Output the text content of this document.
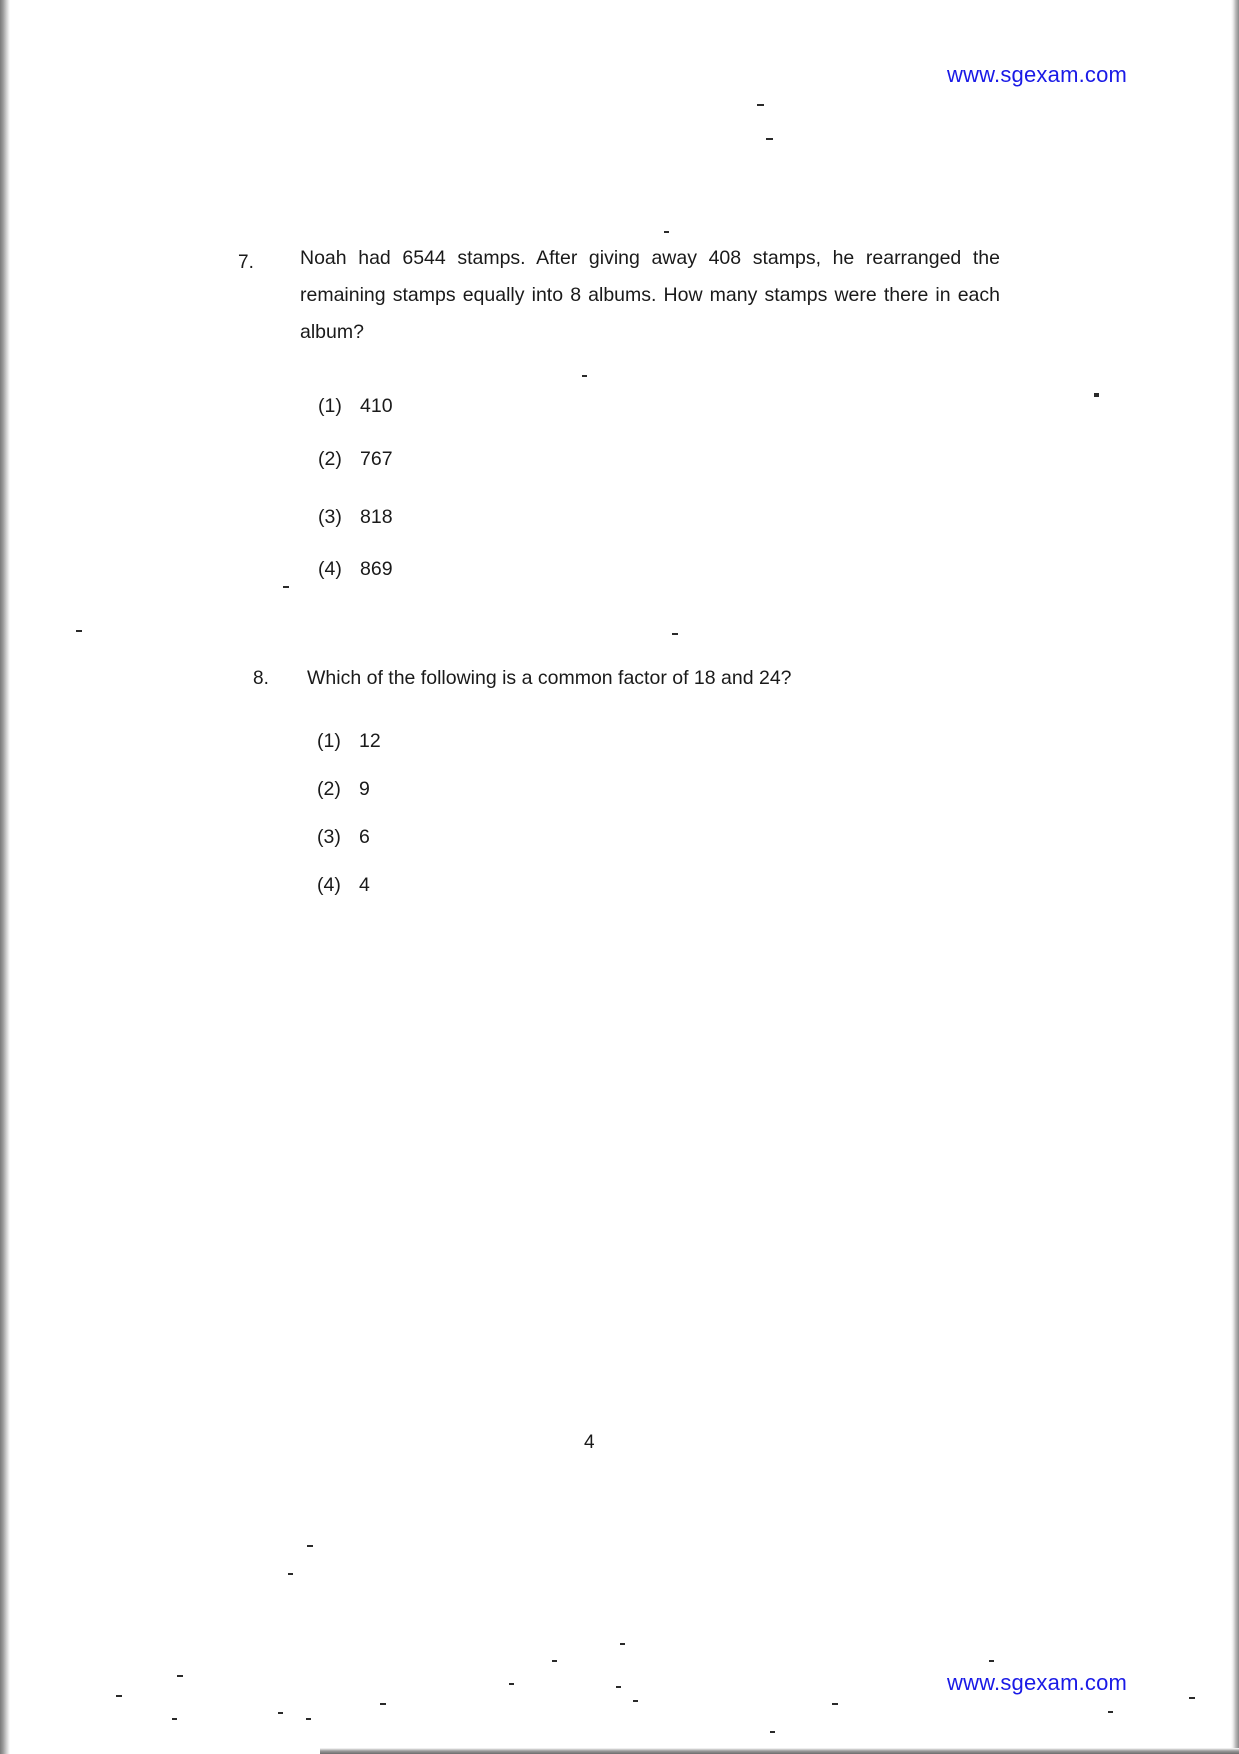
www.sgexam.com
7. Noah had 6544 stamps. After giving away 408 stamps, he rearranged the remaining stamps equally into 8 albums. How many stamps were there in each album?
(1) 410
(2) 767
(3) 818
(4) 869
8. Which of the following is a common factor of 18 and 24?
(1) 12
(2) 9
(3) 6
(4) 4
4
www.sgexam.com
